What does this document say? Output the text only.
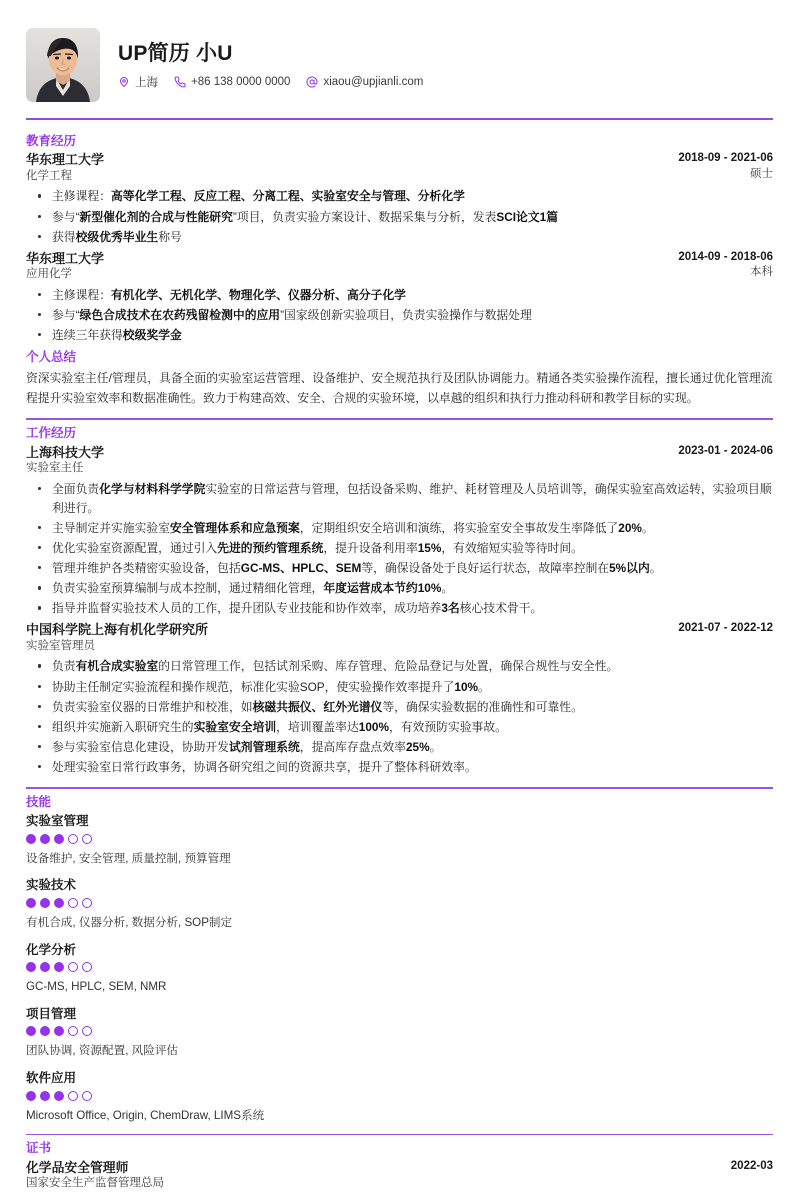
UP简历 小U
上海	+86 138 0000 0000	xiaou@upjianli.com
教育经历
华东理工大学
化学工程
2018-09 - 2021-06
硕士
主修课程：高等化学工程、反应工程、分离工程、实验室安全与管理、分析化学
参与“新型催化剂的合成与性能研究”项目，负责实验方案设计、数据采集与分析，发表SCI论文1篇
获得校级优秀毕业生称号
华东理工大学
应用化学
2014-09 - 2018-06
本科
主修课程：有机化学、无机化学、物理化学、仪器分析、高分子化学
参与“绿色合成技术在农药残留检测中的应用”国家级创新实验项目，负责实验操作与数据处理
连续三年获得校级奖学金
个人总结
资深实验室主任/管理员，具备全面的实验室运营管理、设备维护、安全规范执行及团队协调能力。精通各类实验操作流程，擅长通过优化管理流程提升实验室效率和数据准确性。致力于构建高效、安全、合规的实验环境，以卓越的组织和执行力推动科研和教学目标的实现。
工作经历
上海科技大学
实验室主任
2023-01 - 2024-06
全面负责化学与材料科学学院实验室的日常运营与管理，包括设备采购、维护、耗材管理及人员培训等，确保实验室高效运转，实验项目顺利进行。
主导制定并实施实验室安全管理体系和应急预案，定期组织安全培训和演练，将实验室安全事故发生率降低了20%。
优化实验室资源配置，通过引入先进的预约管理系统，提升设备利用率15%，有效缩短实验等待时间。
管理并维护各类精密实验设备，包括GC-MS、HPLC、SEM等，确保设备处于良好运行状态，故障率控制在5%以内。
负责实验室预算编制与成本控制，通过精细化管理，年度运营成本节约10%。
指导并监督实验技术人员的工作，提升团队专业技能和协作效率，成功培养3名核心技术骨干。
中国科学院上海有机化学研究所
实验室管理员
2021-07 - 2022-12
负责有机合成实验室的日常管理工作，包括试剂采购、库存管理、危险品登记与处置，确保合规性与安全性。
协助主任制定实验流程和操作规范，标准化实验SOP，使实验操作效率提升了10%。
负责实验室仪器的日常维护和校准，如核磁共振仪、红外光谱仪等，确保实验数据的准确性和可靠性。
组织并实施新入职研究生的实验室安全培训，培训覆盖率达100%，有效预防实验事故。
参与实验室信息化建设，协助开发试剂管理系统，提高库存盘点效率25%。
处理实验室日常行政事务，协调各研究组之间的资源共享，提升了整体科研效率。
技能
实验室管理
设备维护, 安全管理, 质量控制, 预算管理
实验技术
有机合成, 仪器分析, 数据分析, SOP制定
化学分析
GC-MS, HPLC, SEM, NMR
项目管理
团队协调, 资源配置, 风险评估
软件应用
Microsoft Office, Origin, ChemDraw, LIMS系统
证书
化学品安全管理师
国家安全生产监督管理总局
2022-03
